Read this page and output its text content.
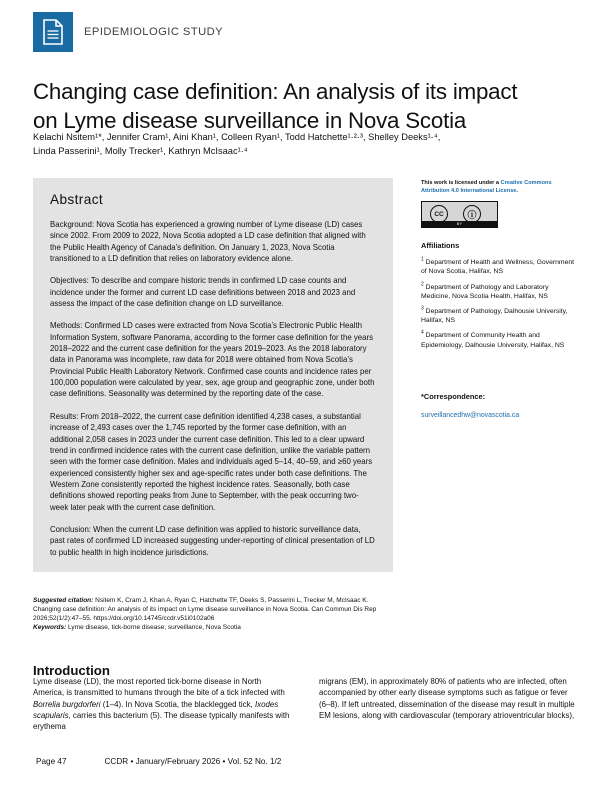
EPIDEMIOLOGIC STUDY
Changing case definition: An analysis of its impact on Lyme disease surveillance in Nova Scotia
Kelachi Nsitem¹*, Jennifer Cram¹, Aini Khan¹, Colleen Ryan¹, Todd Hatchette¹·²·³, Shelley Deeks¹·⁴,
Linda Passerini¹, Molly Trecker¹, Kathryn McIsaac¹·⁴
Abstract

Background: Nova Scotia has experienced a growing number of Lyme disease (LD) cases since 2002. From 2009 to 2022, Nova Scotia adopted a LD case definition that aligned with the Public Health Agency of Canada’s definition. On January 1, 2023, Nova Scotia transitioned to a LD definition that relies on laboratory evidence alone.

Objectives: To describe and compare historic trends in confirmed LD case counts and incidence under the former and current LD case definitions between 2018 and 2023 and assess the impact of the case definition change on LD surveillance.

Methods: Confirmed LD cases were extracted from Nova Scotia’s Electronic Public Health Information System, software Panorama, according to the former case definition for the years 2018–2022 and the current case definition for the years 2019–2023. As the 2018 laboratory data in Panorama was incomplete, raw data for 2018 were obtained from Nova Scotia’s Provincial Public Health Laboratory Network. Confirmed case counts and incidence rates per 100,000 population were calculated by year, sex, age group and geographic zone, under both case definitions. Seasonality was determined by the reporting date of the case.

Results: From 2018–2022, the current case definition identified 4,238 cases, a substantial increase of 2,493 cases over the 1,745 reported by the former case definition, with an additional 2,058 cases in 2023 under the current case definition. This led to a clear upward trend in confirmed incidence rates with the current case definition, unlike the variable pattern seen with the former case definition. Males and individuals aged 5–14, 40–59, and ≥60 years experienced consistently higher sex and age-specific rates under both case definitions. The Western Zone consistently reported the highest incidence rates. Seasonally, both case definitions showed reporting peaks from June to September, with the peak occurring two-week later peak with the current case definition.

Conclusion: When the current LD case definition was applied to historic surveillance data, past rates of confirmed LD increased suggesting under-reporting of clinical presentation of LD to public health in high incidence jurisdictions.

Suggested citation: Nsitem K, Cram J, Khan A, Ryan C, Hatchette TF, Deeks S, Passerini L, Trecker M, McIsaac K. Changing case definition: An analysis of its impact on Lyme disease surveillance in Nova Scotia. Can Commun Dis Rep 2026;52(1/2):47–55. https://doi.org/10.14745/ccdr.v51i0102a06
Keywords: Lyme disease, tick-borne disease, surveillance, Nova Scotia

This work is licensed under a Creative Commons Attribution 4.0 International License.

CC	ⓘ
BY
Affiliations

$^1$ Department of Health and Wellness, Government of Nova Scotia, Halifax, NS

$^2$ Department of Pathology and Laboratory Medicine, Nova Scotia Health, Halifax, NS

$^3$ Department of Pathology, Dalhousie University, Halifax, NS

$^4$ Department of Community Health and Epidemiology, Dalhousie University, Halifax, NS

*Correspondence:
surveillancedhw@novascotia.ca
Introduction

Lyme disease (LD), the most reported tick-borne disease in North America, is transmitted to humans through the bite of a tick infected with Borrelia burgdorferi (1–4). In Nova Scotia, the blacklegged tick, Ixodes scapularis, carries this bacterium (5). The disease typically manifests with erythema

migrans (EM), in approximately 80% of patients who are infected, often accompanied by other early disease symptoms such as fatigue or fever (6–8). If left untreated, dissemination of the disease may result in multiple EM lesions, along with cardiovascular (temporary atrioventricular blocks),

Page 47	CCDR • January/February 2026 • Vol. 52 No. 1/2
